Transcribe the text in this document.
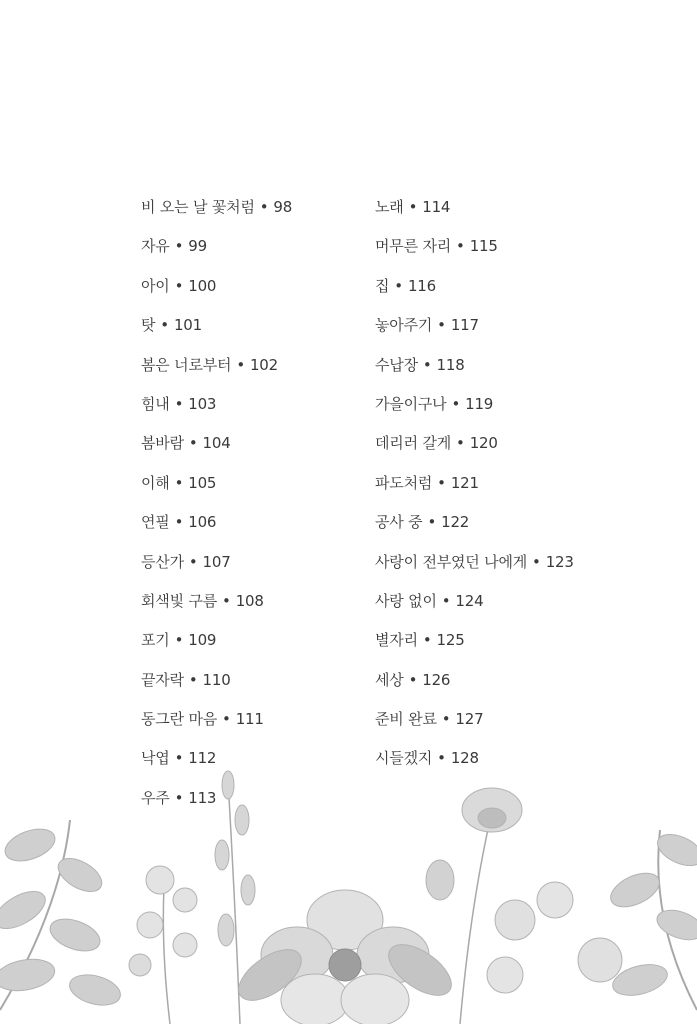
비 오는 날 꽃처럼 • 98
자유 • 99
아이 • 100
탓 • 101
봄은 너로부터 • 102
힘내 • 103
봄바람 • 104
이해 • 105
연필 • 106
등산가 • 107
회색빛 구름 • 108
포기 • 109
끝자락 • 110
동그란 마음 • 111
낙엽 • 112
우주 • 113
노래 • 114
머무른 자리 • 115
집 • 116
놓아주기 • 117
수납장 • 118
가을이구나 • 119
데리러 갈게 • 120
파도처럼 • 121
공사 중 • 122
사랑이 전부였던 나에게 • 123
사랑 없이 • 124
별자리 • 125
세상 • 126
준비 완료 • 127
시들겠지 • 128
